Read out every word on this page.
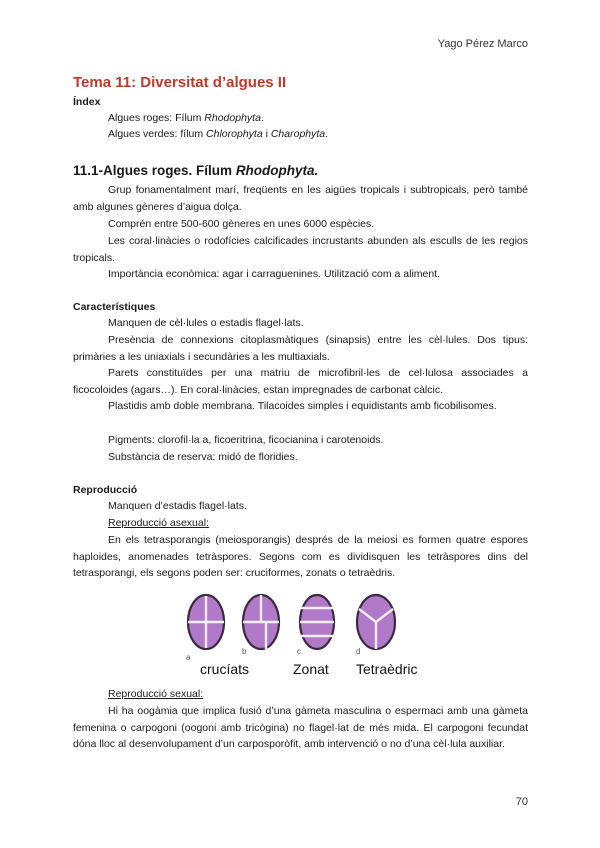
Yago Pérez Marco
Tema 11: Diversitat d’algues II
Índex
Algues roges: Fílum Rhodophyta.
Algues verdes: fílum Chlorophyta i Charophyta.
11.1-Algues roges. Fílum Rhodophyta.
Grup fonamentalment marí, freqüents en les aigües tropicals i subtropicals, però també amb algunes gèneres d’aigua dolça.
Comprén entre 500-600 gèneres en unes 6000 espècies.
Les coral·linàcies o rodofícies calcificades incrustants abunden als esculls de les regios tropicals.
Importància econòmica: agar i carraguenines. Utilització com a aliment.
Característiques
Manquen de cèl·lules o estadis flagel·lats.
Presència de connexions citoplasmàtiques (sinapsis) entre les cèl·lules. Dos tipus: primàries a les uniaxials i secundàries a les multiaxials.
Parets constituïdes per una matriu de microfibril·les de cel·lulosa associades a ficocoloides (agars…). En coral·linàcies, estan impregnades de carbonat càlcic.
Plastidis amb doble membrana. Tilacoides simples i equidistants amb ficobilisomes.
Pigments: clorofil·la a, ficoeritrina, ficocianina i carotenoids.
Substància de reserva: midó de floridies.
Reproducció
Manquen d’estadis flagel·lats.
Reproducció asexual:
En els tetrasporangis (meiosporangis) després de la meiosi es formen quatre espores haploides, anomenades tetràspores. Segons com es dividisquen les tetràspores dins del tetrasporangi, els segons poden ser: cruciformes, zonats o tetraèdris.
a
b	c	d
crucíats	Zonat Tetraèdric
Reproducció sexual:
Hi ha oogàmia que implica fusió d’una gàmeta masculina o espermaci amb una gàmeta femenina o carpogoni (oogoni amb tricògina) no flagel·lat de més mida. El carpogoni fecundat dóna lloc al desenvolupament d’un carposporòfit, amb intervenció o no d’una cèl·lula auxiliar.
70
